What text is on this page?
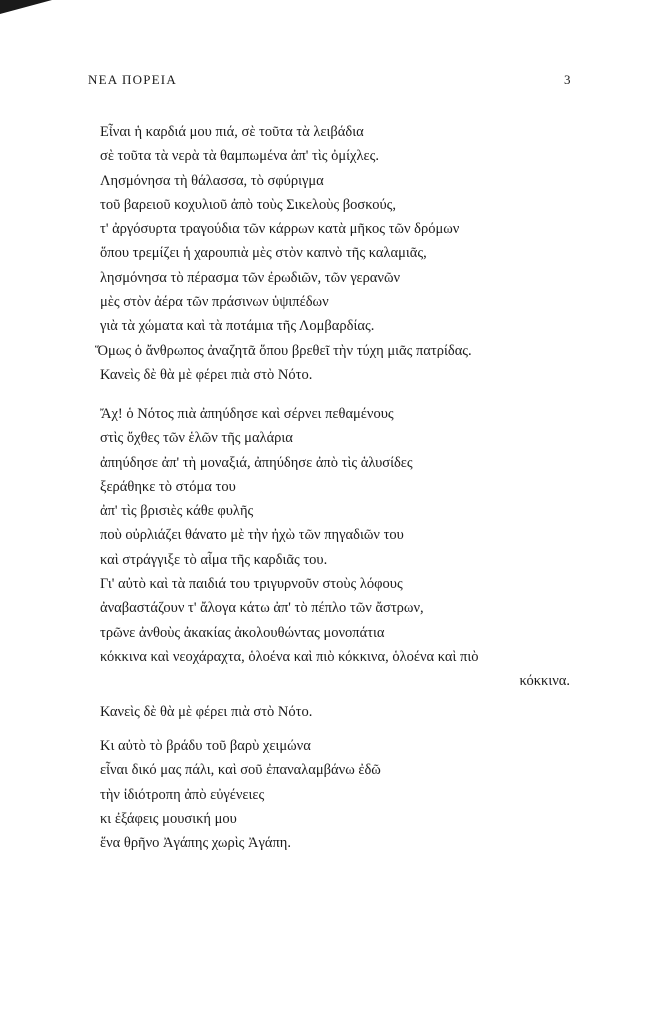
ΝΕΑ ΠΟΡΕΙΑ	3
Εἶναι ἡ καρδιά μου πιά, σὲ τοῦτα τὰ λειβάδια
σὲ τοῦτα τὰ νερὰ τὰ θαμπωμένα ἀπ' τὶς ὀμίχλες.
Λησμόνησα τὴ θάλασσα, τὸ σφύριγμα
τοῦ βαρειοῦ κοχυλιοῦ ἀπὸ τοὺς Σικελοὺς βοσκούς,
τ' ἀργόσυρτα τραγούδια τῶν κάρρων κατὰ μῆκος τῶν δρόμων
ὅπου τρεμίζει ἡ χαρουπιὰ μὲς στὸν καπνὸ τῆς καλαμιᾶς,
λησμόνησα τὸ πέρασμα τῶν ἐρωδιῶν, τῶν γερανῶν
μὲς στὸν ἀέρα τῶν πράσινων ὑψιπέδων
γιὰ τὰ χώματα καὶ τὰ ποτάμια τῆς Λομβαρδίας.
Ὅμως ὁ ἄνθρωπος ἀναζητᾶ ὅπου βρεθεῖ τὴν τύχη μιᾶς πατρίδας.
Κανεὶς δὲ θὰ μὲ φέρει πιὰ στὸ Νότο.
Ἄχ! ὁ Νότος πιὰ ἀπηύδησε καὶ σέρνει πεθαμένους
στὶς ὄχθες τῶν ἑλῶν τῆς μαλάρια
ἀπηύδησε ἀπ' τὴ μοναξιά, ἀπηύδησε ἀπὸ τὶς ἁλυσίδες
ξεράθηκε τὸ στόμα του
ἀπ' τὶς βρισιὲς κάθε φυλῆς
ποὺ οὐρλιάζει θάνατο μὲ τὴν ἠχὼ τῶν πηγαδιῶν του
καὶ στράγγιξε τὸ αἷμα τῆς καρδιᾶς του.
Γι' αὐτὸ καὶ τὰ παιδιά του τριγυρνοῦν στοὺς λόφους
ἀναβαστάζουν τ' ἄλογα κάτω ἀπ' τὸ πέπλο τῶν ἄστρων,
τρῶνε ἀνθοὺς ἀκακίας ἀκολουθώντας μονοπάτια
κόκκινα καὶ νεοχάραχτα, ὁλοένα καὶ πιὸ κόκκινα, ὁλοένα καὶ πιὸ
κόκκινα.
Κανεὶς δὲ θὰ μὲ φέρει πιὰ στὸ Νότο.
Κι αὐτὸ τὸ βράδυ τοῦ βαρὺ χειμώνα
εἶναι δικό μας πάλι, καὶ σοῦ ἐπαναλαμβάνω ἐδῶ
τὴν ἰδιότροπη ἀπὸ εὐγένειες
κι ἐξάφεις μουσική μου
ἕνα θρῆνο Ἀγάπης χωρὶς Ἀγάπη.
